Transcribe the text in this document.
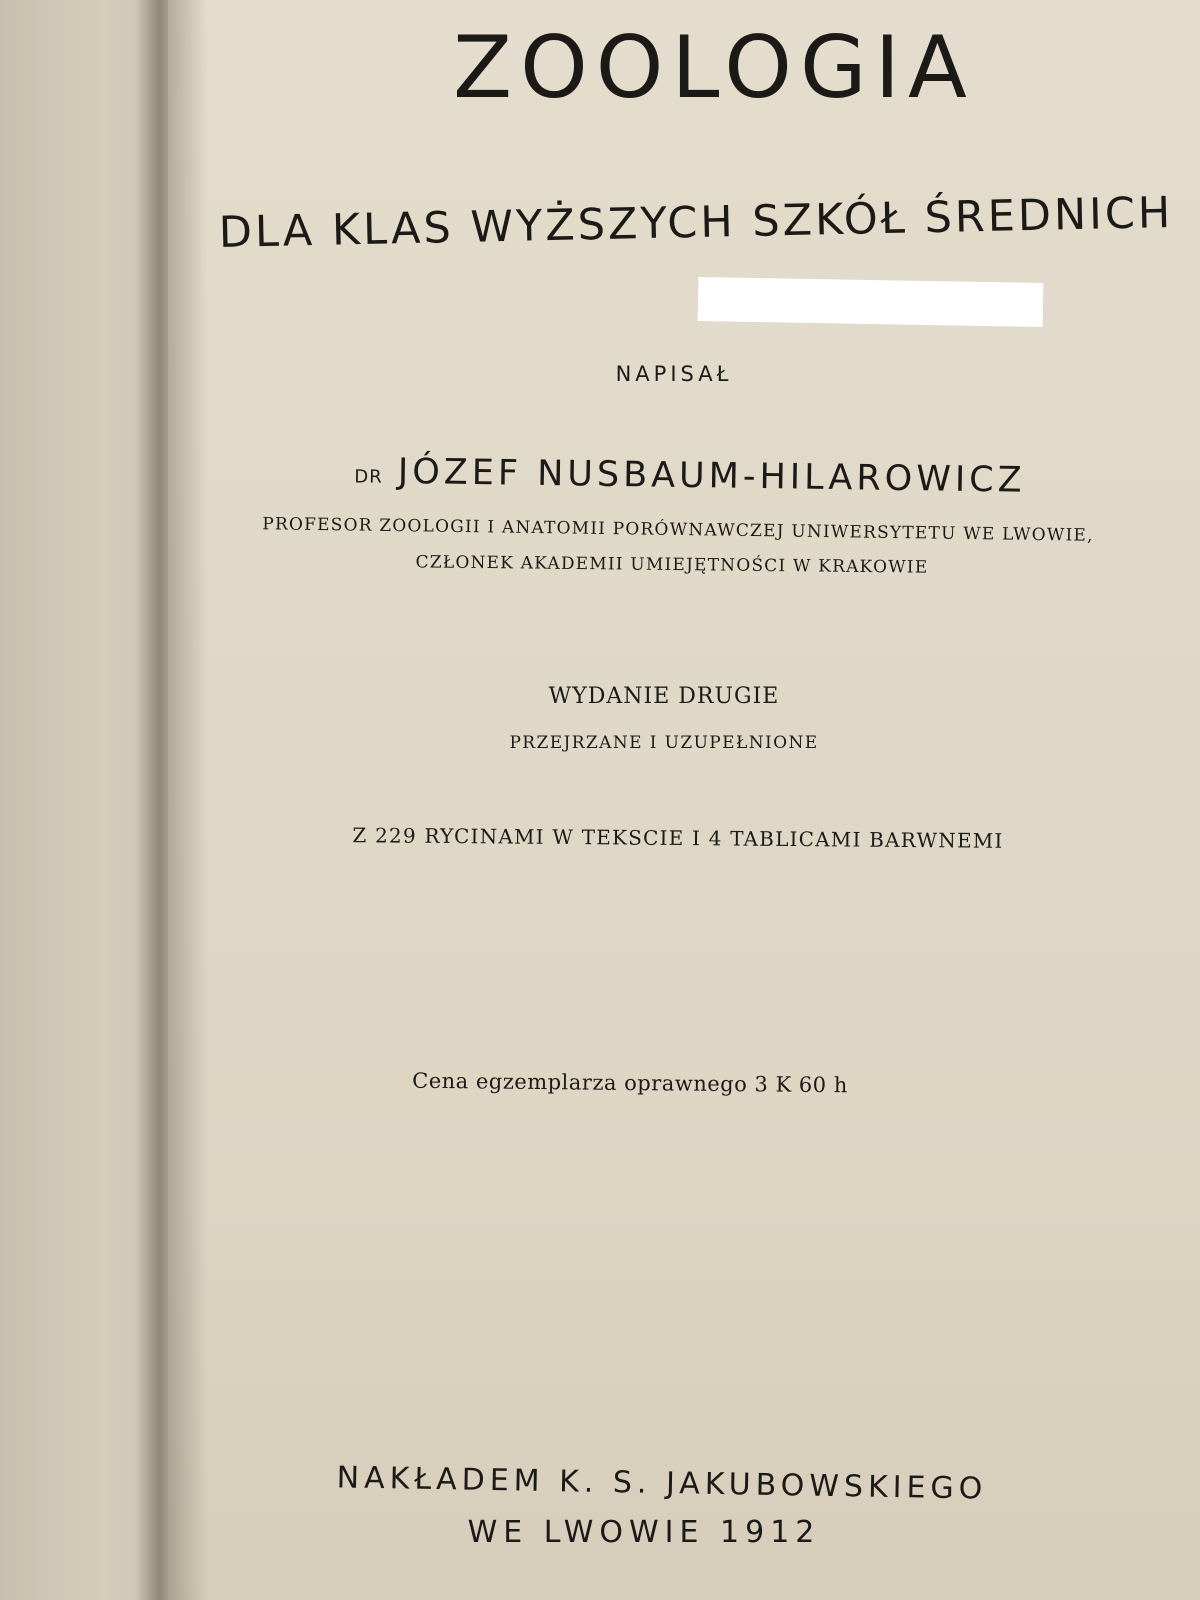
ZOOLOGIA
DLA KLAS WYŻSZYCH SZKÓŁ ŚREDNICH
NAPISAŁ
DR JÓZEF NUSBAUM-HILAROWICZ
PROFESOR ZOOLOGII I ANATOMII PORÓWNAWCZEJ UNIWERSYTETU WE LWOWIE,
CZŁONEK AKADEMII UMIEJĘTNOŚCI W KRAKOWIE
WYDANIE DRUGIE
PRZEJRZANE I UZUPEŁNIONE
Z 229 RYCINAMI W TEKSCIE I 4 TABLICAMI BARWNEMI
Cena egzemplarza oprawnego 3 K 60 h
NAKŁADEM K. S. JAKUBOWSKIEGO
WE LWOWIE 1912
